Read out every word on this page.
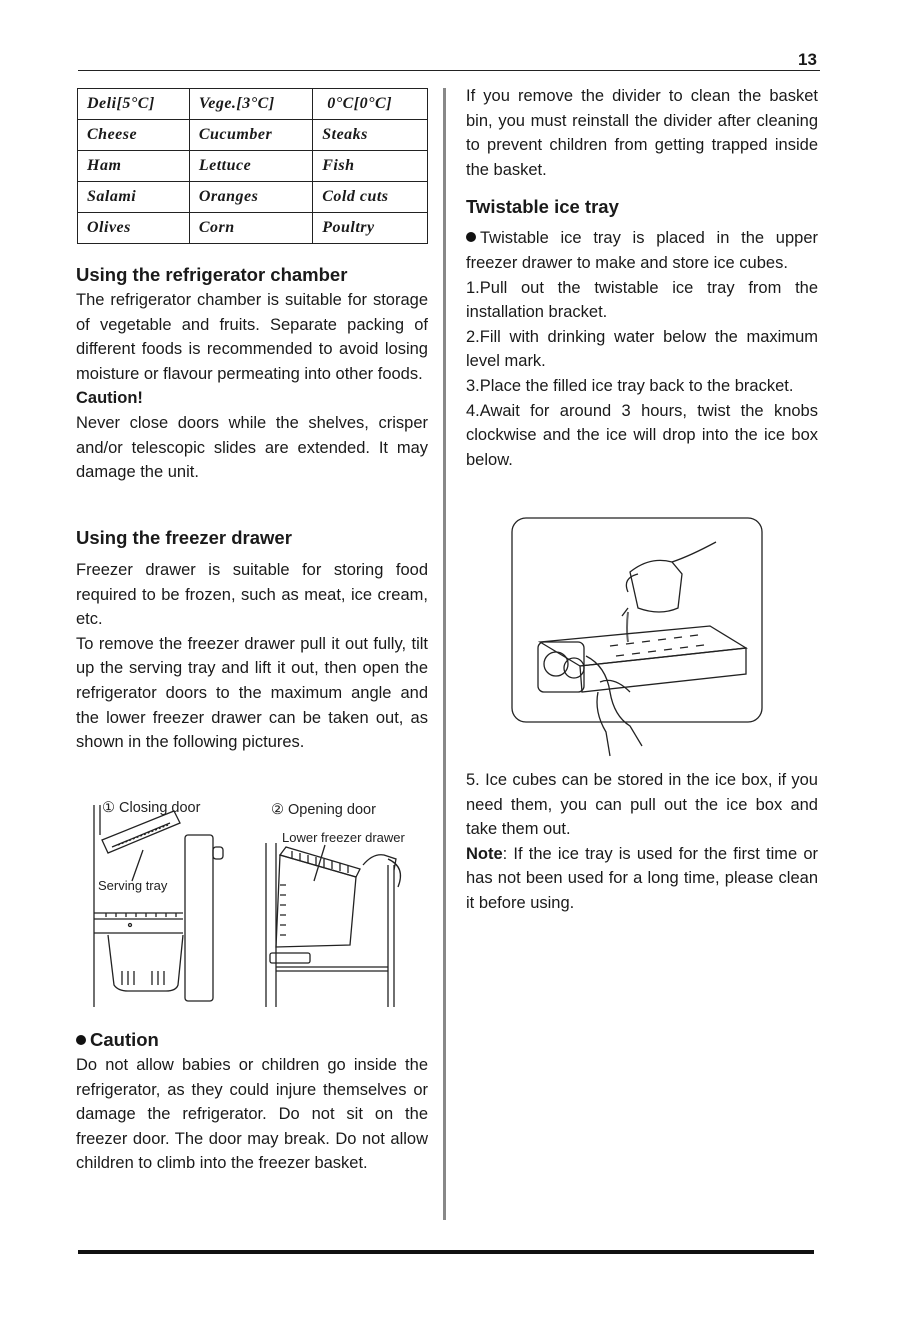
13
Deli[5°C]	Vege.[3°C]	0°C[0°C]
Cheese	Cucumber	Steaks
Ham	Lettuce	Fish
Salami	Oranges	Cold cuts
Olives	Corn	Poultry
Using the refrigerator chamber

The refrigerator chamber is suitable for storage of vegetable and fruits. Separate packing of different foods is recommended to avoid losing moisture or flavour permeating into other foods.

Caution!

Never close doors while the shelves, crisper and/or telescopic slides are extended. It may damage the unit.

Using the freezer drawer

Freezer drawer is suitable for storing food required to be frozen, such as meat, ice cream, etc.

To remove the freezer drawer pull it out fully, tilt up the serving tray and lift it out, then open the refrigerator doors to the maximum angle and the lower freezer drawer can be taken out, as shown in the following pictures.

① Closing door	② Opening door
Serving tray
Lower freezer drawer
Caution

Do not allow babies or children go inside the refrigerator, as they could injure themselves or damage the refrigerator. Do not sit on the freezer door. The door may break. Do not allow children to climb into the freezer basket.

If you remove the divider to clean the basket bin, you must reinstall the divider after cleaning to prevent children from getting trapped inside the basket.

Twistable ice tray

Twistable ice tray is placed in the upper freezer drawer to make and store ice cubes.

1.Pull out the twistable ice tray from the installation bracket.

2.Fill with drinking water below the maximum level mark.

3.Place the filled ice tray back to the bracket.

4.Await for around 3 hours, twist the knobs clockwise and the ice will drop into the ice box below.

5. Ice cubes can be stored in the ice box, if you need them, you can pull out the ice box and take them out.

Note: If the ice tray is used for the first time or has not been used for a long time, please clean it before using.
